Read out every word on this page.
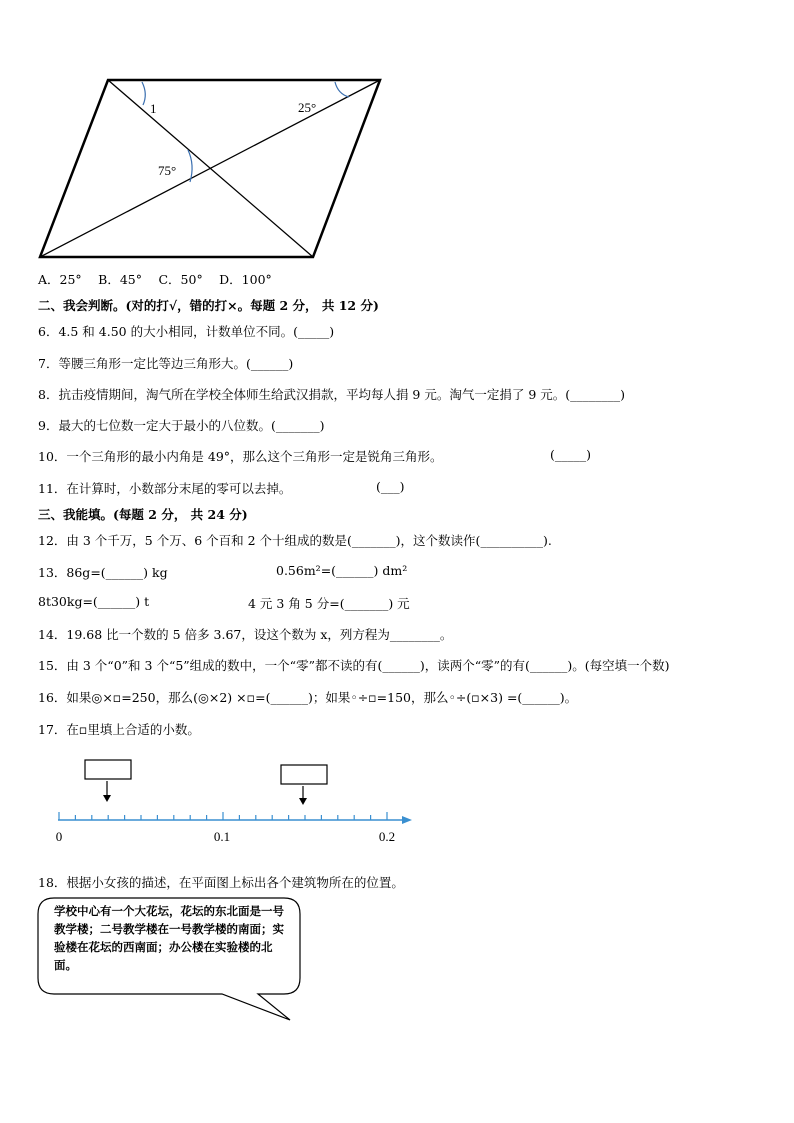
1	25°
75°
A．25°　 B．45°　 C．50°　 D．100°
二、我会判断。(对的打√，错的打×。每题 2 分， 共 12 分)
6．4.5 和 4.50 的大小相同，计数单位不同。(_____)
7．等腰三角形一定比等边三角形大。(______)
8．抗击疫情期间，淘气所在学校全体师生给武汉捐款，平均每人捐 9 元。淘气一定捐了 9 元。(________)
9．最大的七位数一定大于最小的八位数。(_______)
10．一个三角形的最小内角是 49°，那么这个三角形一定是锐角三角形。	(_____)
11．在计算时，小数部分末尾的零可以去掉。	(___)
三、我能填。(每题 2 分， 共 24 分)
12．由 3 个千万，5 个万、6 个百和 2 个十组成的数是(_______)，这个数读作(__________).
13．86g=(______) kg	0.56m²=(______) dm²
8t30kg=(______) t	4 元 3 角 5 分=(_______) 元
14．19.68 比一个数的 5 倍多 3.67，设这个数为 x，列方程为________。
15．由 3 个“0”和 3 个“5”组成的数中，一个“零”都不读的有(______)，读两个“零”的有(______)。(每空填一个数)
16．如果◎×▫=250，那么(◎×2) ×▫=(______)；如果◦÷▫=150，那么◦÷(▫×3) =(______)。
17．在▫里填上合适的小数。
0	0.1	0.2
18．根据小女孩的描述，在平面图上标出各个建筑物所在的位置。
学校中心有一个大花坛，花坛的东北面是一号教学楼；二号教学楼在一号教学楼的南面；实验楼在花坛的西南面；办公楼在实验楼的北面。
